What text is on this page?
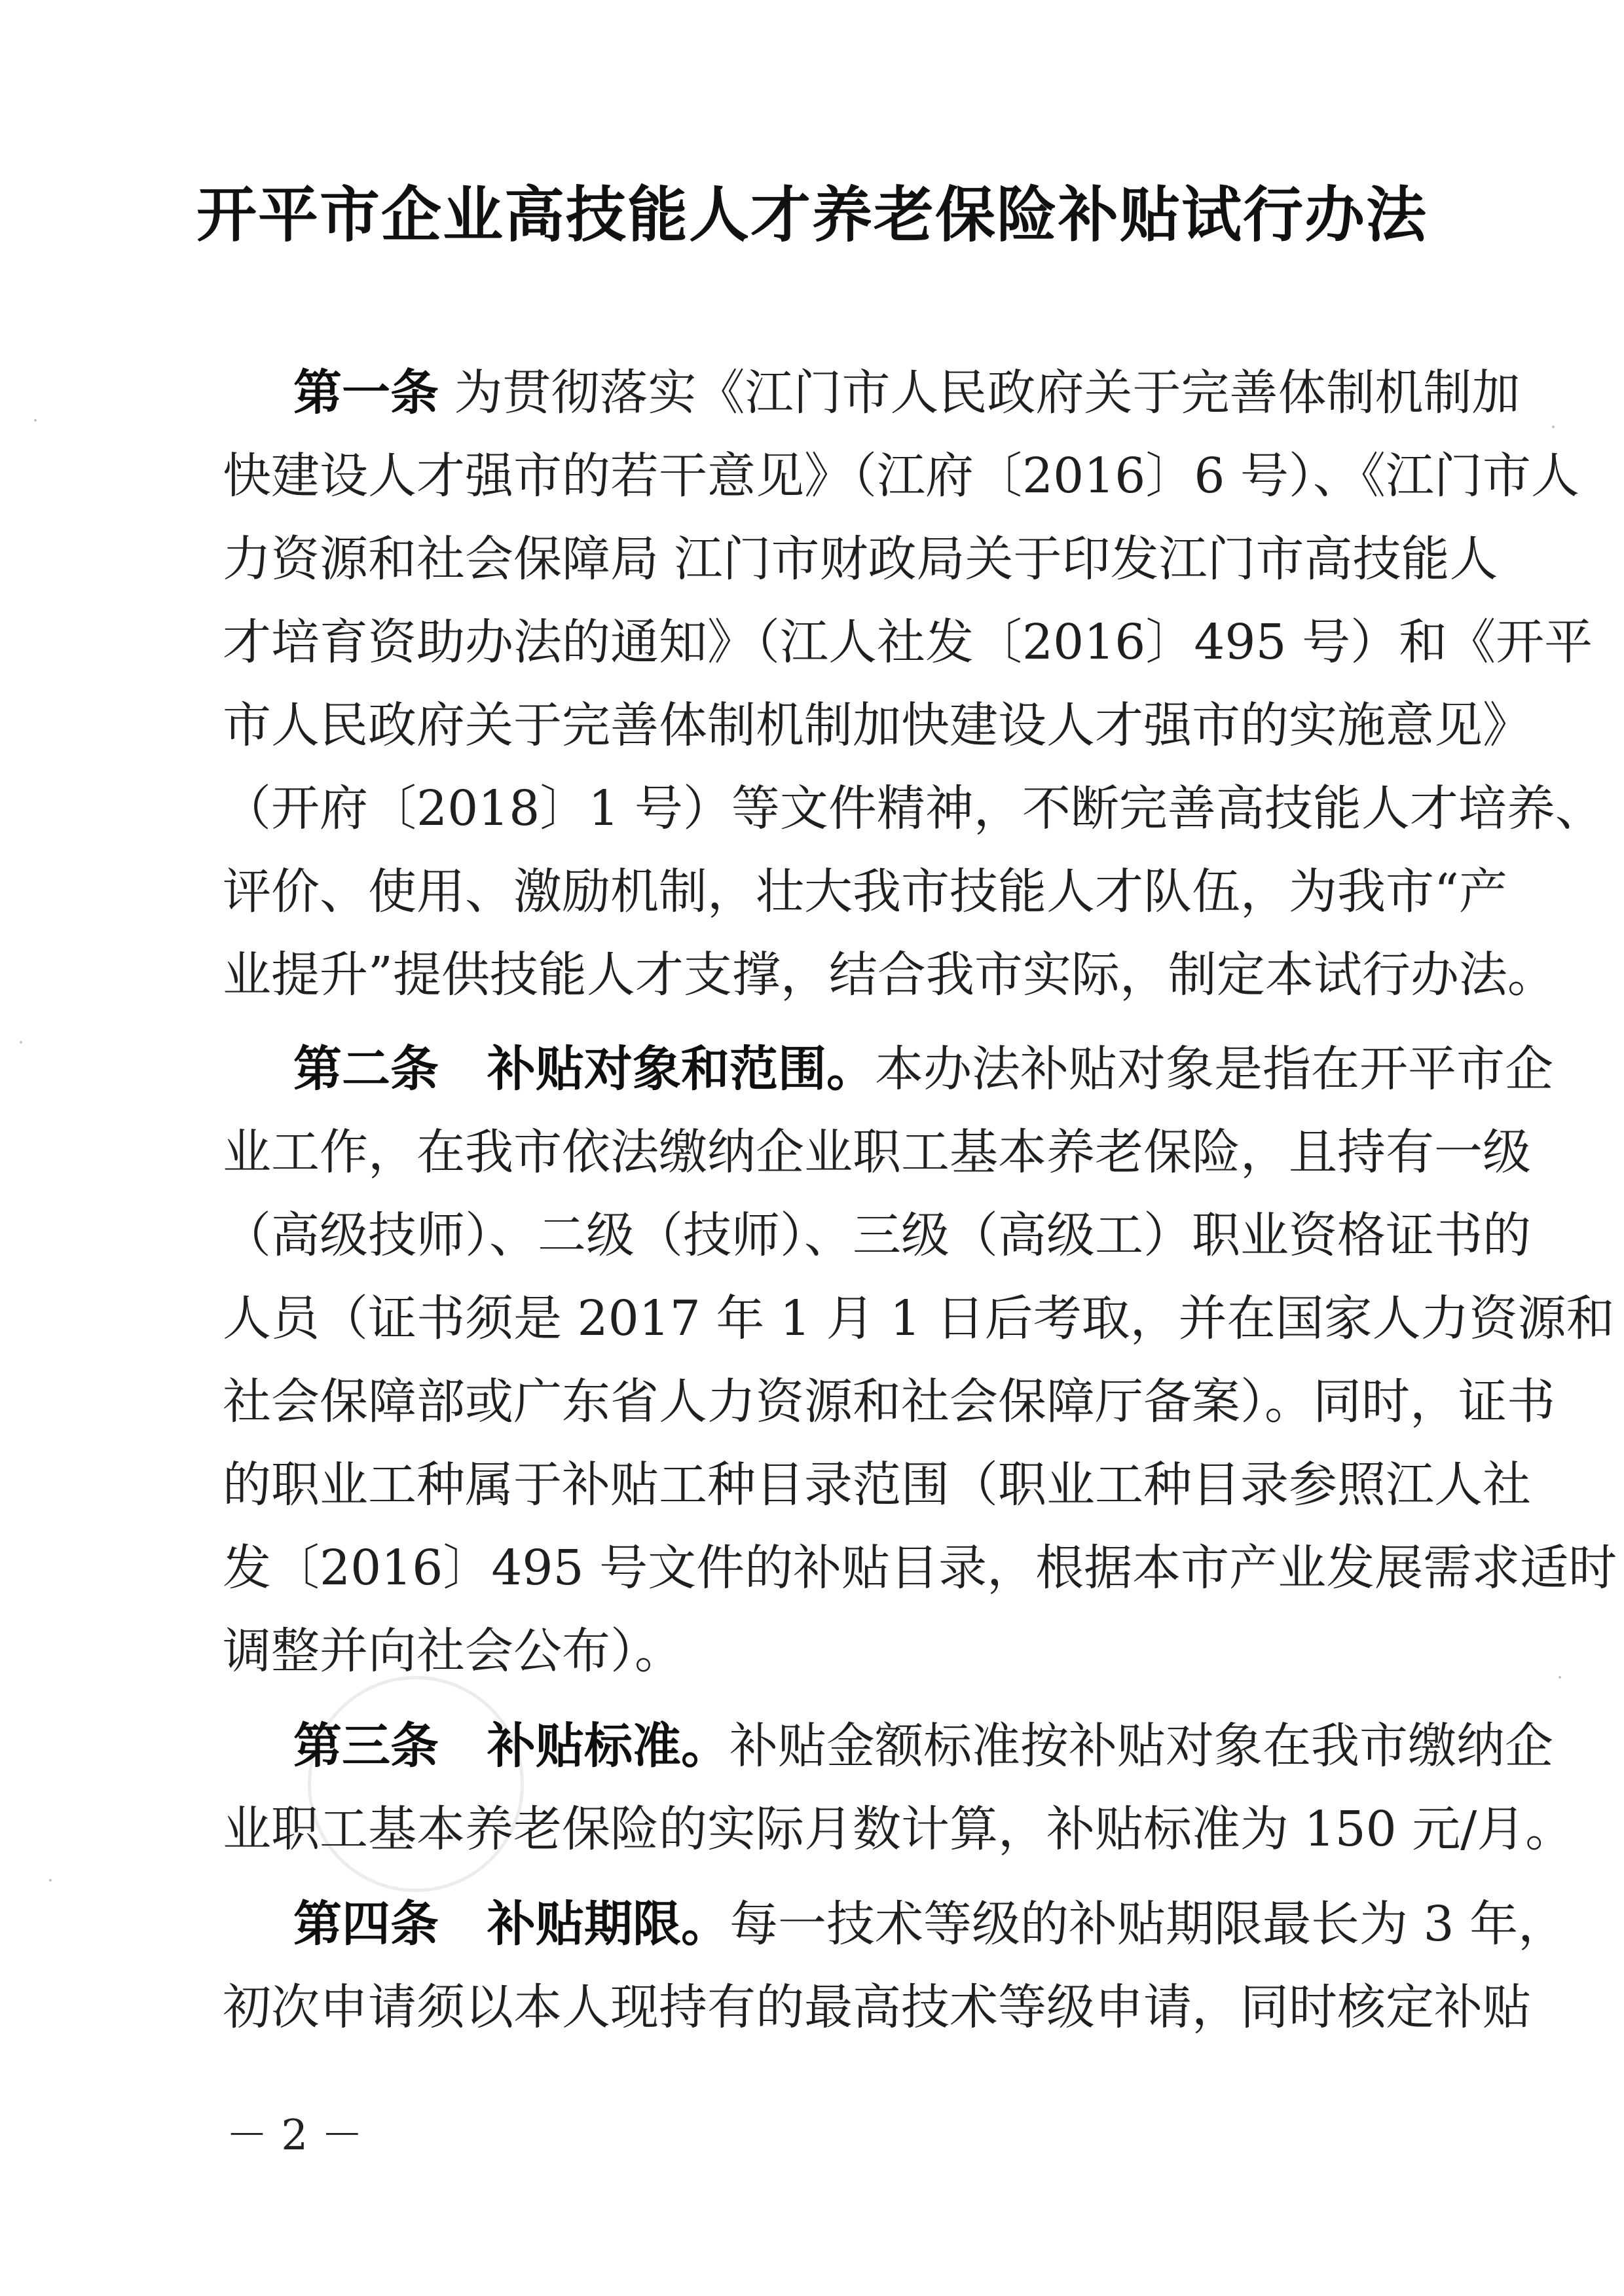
开平市企业高技能人才养老保险补贴试行办法
第一条 为贯彻落实《江门市人民政府关于完善体制机制加
快建设人才强市的若干意见》（江府〔2016〕6 号）、《江门市人
力资源和社会保障局 江门市财政局关于印发江门市高技能人
才培育资助办法的通知》（江人社发〔2016〕495 号）和《开平
市人民政府关于完善体制机制加快建设人才强市的实施意见》
（开府〔2018〕1 号）等文件精神，不断完善高技能人才培养、
评价、使用、激励机制，壮大我市技能人才队伍，为我市“产
业提升”提供技能人才支撑，结合我市实际，制定本试行办法。
第二条　补贴对象和范围。本办法补贴对象是指在开平市企
业工作，在我市依法缴纳企业职工基本养老保险，且持有一级
（高级技师）、二级（技师）、三级（高级工）职业资格证书的
人员（证书须是 2017 年 1 月 1 日后考取，并在国家人力资源和
社会保障部或广东省人力资源和社会保障厅备案）。同时，证书
的职业工种属于补贴工种目录范围（职业工种目录参照江人社
发〔2016〕495 号文件的补贴目录，根据本市产业发展需求适时
调整并向社会公布）。
第三条　补贴标准。补贴金额标准按补贴对象在我市缴纳企
业职工基本养老保险的实际月数计算，补贴标准为 150 元/月。
第四条　补贴期限。每一技术等级的补贴期限最长为 3 年，
初次申请须以本人现持有的最高技术等级申请，同时核定补贴
－ 2 －
